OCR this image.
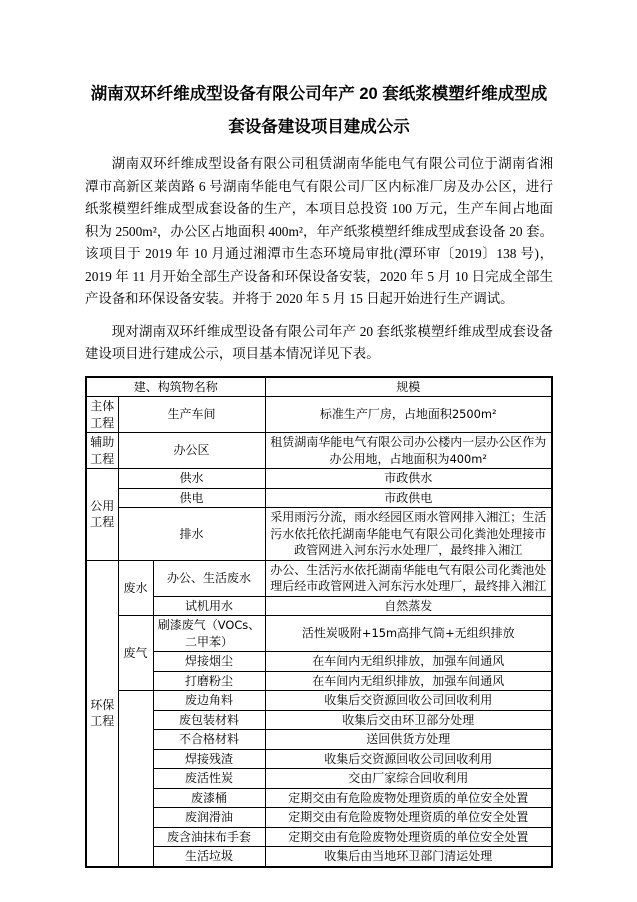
湖南双环纤维成型设备有限公司年产 20 套纸浆模塑纤维成型成套设备建设项目建成公示

湖南双环纤维成型设备有限公司租赁湖南华能电气有限公司位于湖南省湘潭市高新区莱茵路 6 号湖南华能电气有限公司厂区内标准厂房及办公区，进行纸浆模塑纤维成型成套设备的生产，本项目总投资 100 万元，生产车间占地面积为 2500m²，办公区占地面积 400m²，年产纸浆模塑纤维成型成套设备 20 套。该项目于 2019 年 10 月通过湘潭市生态环境局审批(潭环审〔2019〕138 号)，2019 年 11 月开始全部生产设备和环保设备安装，2020 年 5 月 10 日完成全部生产设备和环保设备安装。并将于 2020 年 5 月 15 日起开始进行生产调试。

现对湖南双环纤维成型设备有限公司年产 20 套纸浆模塑纤维成型成套设备建设项目进行建成公示，项目基本情况详见下表。

建、构筑物名称			规模
主体工程	生产车间		标准生产厂房，占地面积2500m²
辅助工程	办公区		租赁湖南华能电气有限公司办公楼内一层办公区作为办公用地，占地面积为400m²
公用工程	供水		市政供水
	供电		市政供电
	排水		采用雨污分流，雨水经园区雨水管网排入湘江；生活污水依托依托湖南华能电气有限公司化粪池处理接市政管网进入河东污水处理厂，最终排入湘江
环保工程	废水	办公、生活废水	办公、生活污水依托湖南华能电气有限公司化粪池处理后经市政管网进入河东污水处理厂，最终排入湘江
		试机用水	自然蒸发
	废气	刷漆废气（VOCs、二甲苯）	活性炭吸附+15m高排气筒+无组织排放
		焊接烟尘	在车间内无组织排放，加强车间通风
		打磨粉尘	在车间内无组织排放，加强车间通风
		废边角料	收集后交资源回收公司回收利用
		废包装材料	收集后交由环卫部分处理
		不合格材料	送回供货方处理
		焊接残渣	收集后交资源回收公司回收利用
		废活性炭	交由厂家综合回收利用
		废漆桶	定期交由有危险废物处理资质的单位安全处置
		废润滑油	定期交由有危险废物处理资质的单位安全处置
		废含油抹布手套	定期交由有危险废物处理资质的单位安全处置
		生活垃圾	收集后由当地环卫部门清运处理
